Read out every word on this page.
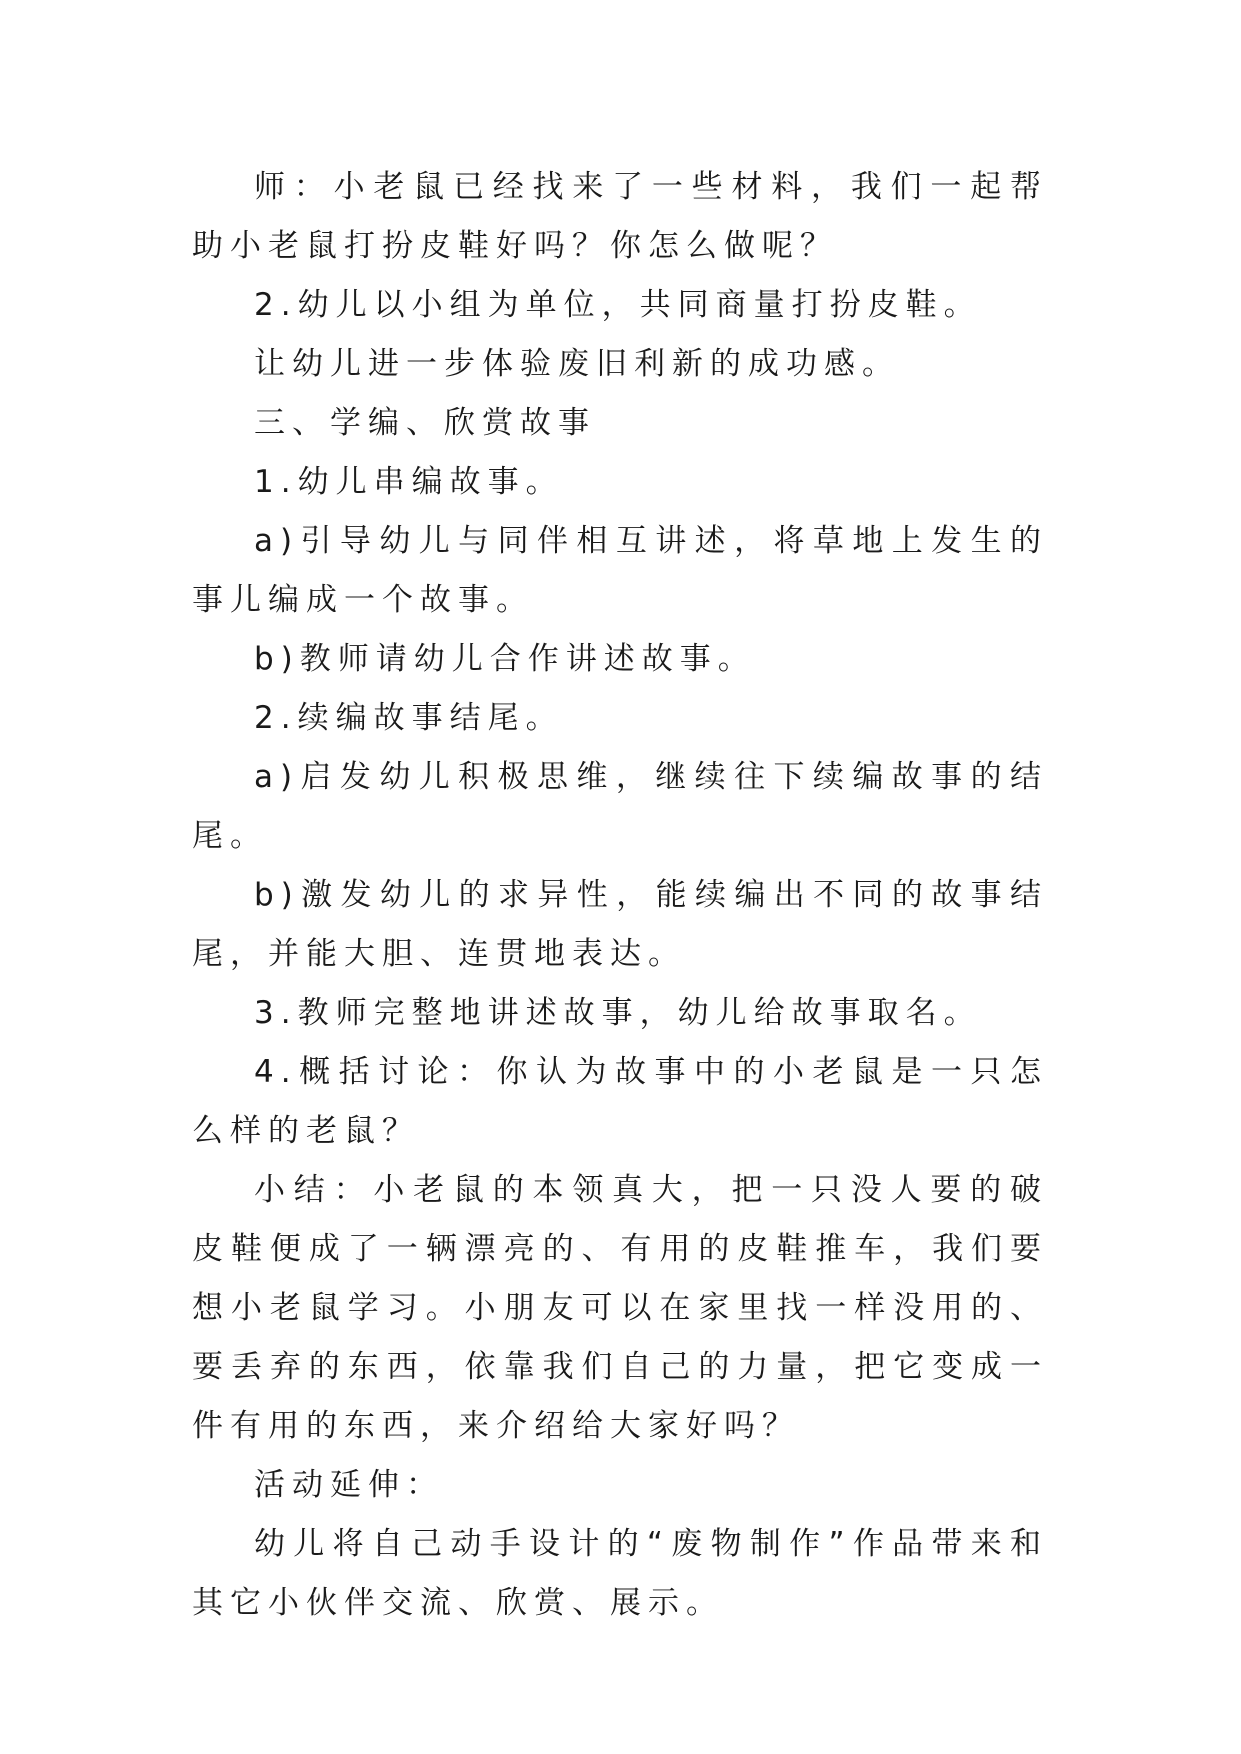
师：小老鼠已经找来了一些材料，我们一起帮助小老鼠打扮皮鞋好吗？你怎么做呢？

2.幼儿以小组为单位，共同商量打扮皮鞋。

让幼儿进一步体验废旧利新的成功感。

三、学编、欣赏故事

1.幼儿串编故事。

a)引导幼儿与同伴相互讲述，将草地上发生的事儿编成一个故事。

b)教师请幼儿合作讲述故事。

2.续编故事结尾。

a)启发幼儿积极思维，继续往下续编故事的结尾。

b)激发幼儿的求异性，能续编出不同的故事结尾，并能大胆、连贯地表达。

3.教师完整地讲述故事，幼儿给故事取名。

4.概括讨论：你认为故事中的小老鼠是一只怎么样的老鼠？

小结：小老鼠的本领真大，把一只没人要的破皮鞋便成了一辆漂亮的、有用的皮鞋推车，我们要想小老鼠学习。小朋友可以在家里找一样没用的、要丢弃的东西，依靠我们自己的力量，把它变成一件有用的东西，来介绍给大家好吗？

活动延伸：

幼儿将自己动手设计的“废物制作”作品带来和其它小伙伴交流、欣赏、展示。
